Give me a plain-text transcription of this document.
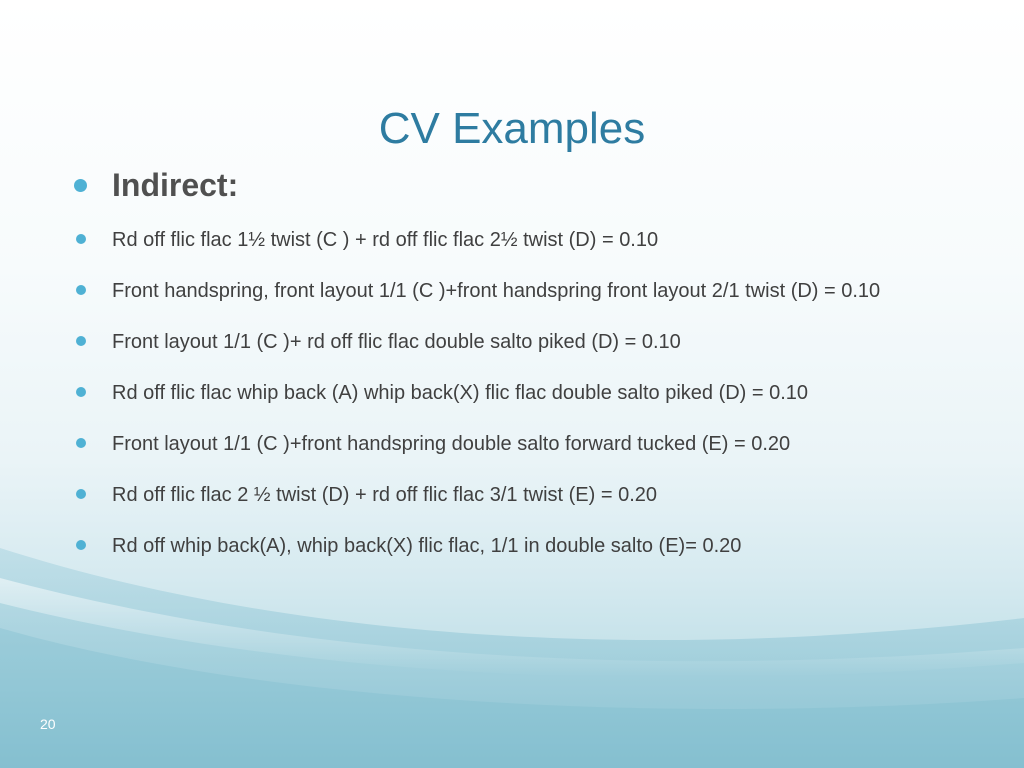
CV Examples
Indirect:
Rd off flic flac 1½ twist (C ) + rd off flic flac 2½ twist (D) = 0.10
Front handspring, front layout 1/1 (C )+front handspring front layout 2/1 twist (D) = 0.10
Front layout 1/1 (C )+ rd off flic flac double salto piked (D) = 0.10
Rd off flic flac whip back (A) whip back(X) flic flac double salto piked (D) = 0.10
Front layout 1/1 (C )+front handspring double salto forward tucked (E) = 0.20
Rd off flic flac 2 ½ twist (D) + rd off flic flac 3/1 twist (E) = 0.20
Rd off whip back(A), whip back(X) flic flac, 1/1 in double salto (E)= 0.20
20
